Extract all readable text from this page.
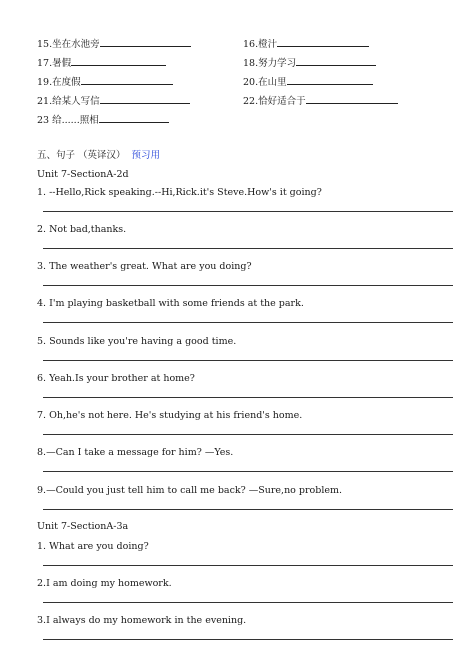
15.坐在水池旁	16.橙汁
17.暑假	18.努力学习
19.在度假	20.在山里
21.给某人写信	22.恰好适合于
23 给......照相
五、句子 （英译汉） 预习用
Unit 7-SectionA-2d
1. --Hello,Rick speaking.--Hi,Rick.it's Steve.How's it going?
2. Not bad,thanks.
3. The weather's great. What are you doing?
4. I'm playing basketball with some friends at the park.
5. Sounds like you're having a good time.
6. Yeah.Is your brother at home?
7. Oh,he's not here. He's studying at his friend's home.
8.—Can I take a message for him? —Yes.
9.—Could you just tell him to call me back? —Sure,no problem.
Unit 7-SectionA-3a
1. What are you doing?
2.I am doing my homework.
3.I always do my homework in the evening.
